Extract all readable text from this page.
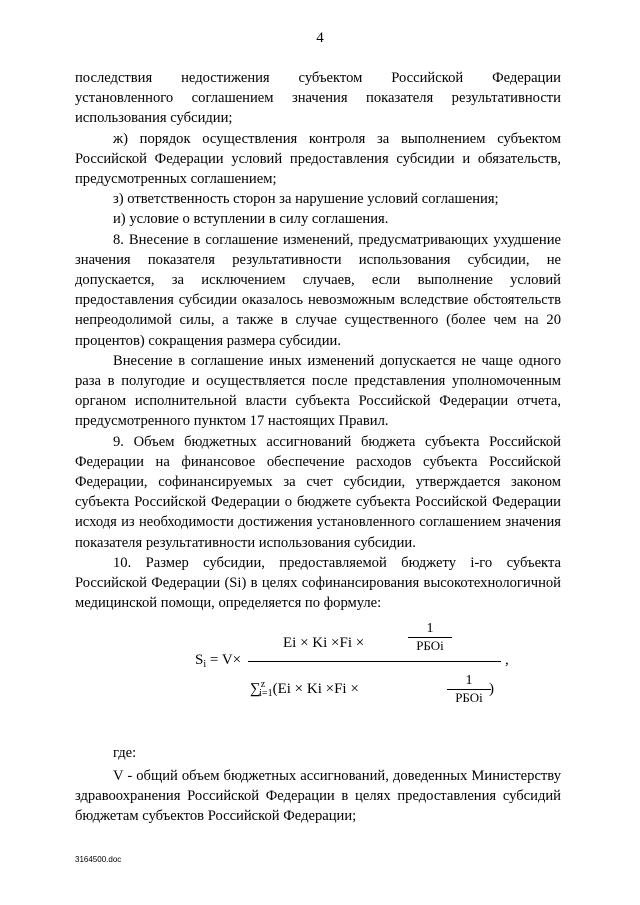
4

последствия недостижения субъектом Российской Федерации установленного соглашением значения показателя результативности использования субсидии;

ж) порядок осуществления контроля за выполнением субъектом Российской Федерации условий предоставления субсидии и обязательств, предусмотренных соглашением;

з) ответственность сторон за нарушение условий соглашения;

и) условие о вступлении в силу соглашения.

8. Внесение в соглашение изменений, предусматривающих ухудшение значения показателя результативности использования субсидии, не допускается, за исключением случаев, если выполнение условий предоставления субсидии оказалось невозможным вследствие обстоятельств непреодолимой силы, а также в случае существенного (более чем на 20 процентов) сокращения размера субсидии.

Внесение в соглашение иных изменений допускается не чаще одного раза в полугодие и осуществляется после представления уполномоченным органом исполнительной власти субъекта Российской Федерации отчета, предусмотренного пунктом 17 настоящих Правил.

9. Объем бюджетных ассигнований бюджета субъекта Российской Федерации на финансовое обеспечение расходов субъекта Российской Федерации, софинансируемых за счет субсидии, утверждается законом субъекта Российской Федерации о бюджете субъекта Российской Федерации исходя из необходимости достижения установленного соглашением значения показателя результативности использования субсидии.

10. Размер субсидии, предоставляемой бюджету i-го субъекта Российской Федерации (Si) в целях софинансирования высокотехнологичной медицинской помощи, определяется по формуле:

$S_i = V\times$
Ei × Ki ×Fi ×
1
РБОi
,
∑$^z_{i=1}$(Ei × Ki ×Fi ×
1
РБОi
)

где:

V - общий объем бюджетных ассигнований, доведенных Министерству здравоохранения Российской Федерации в целях предоставления субсидий бюджетам субъектов Российской Федерации;

3164500.doc
